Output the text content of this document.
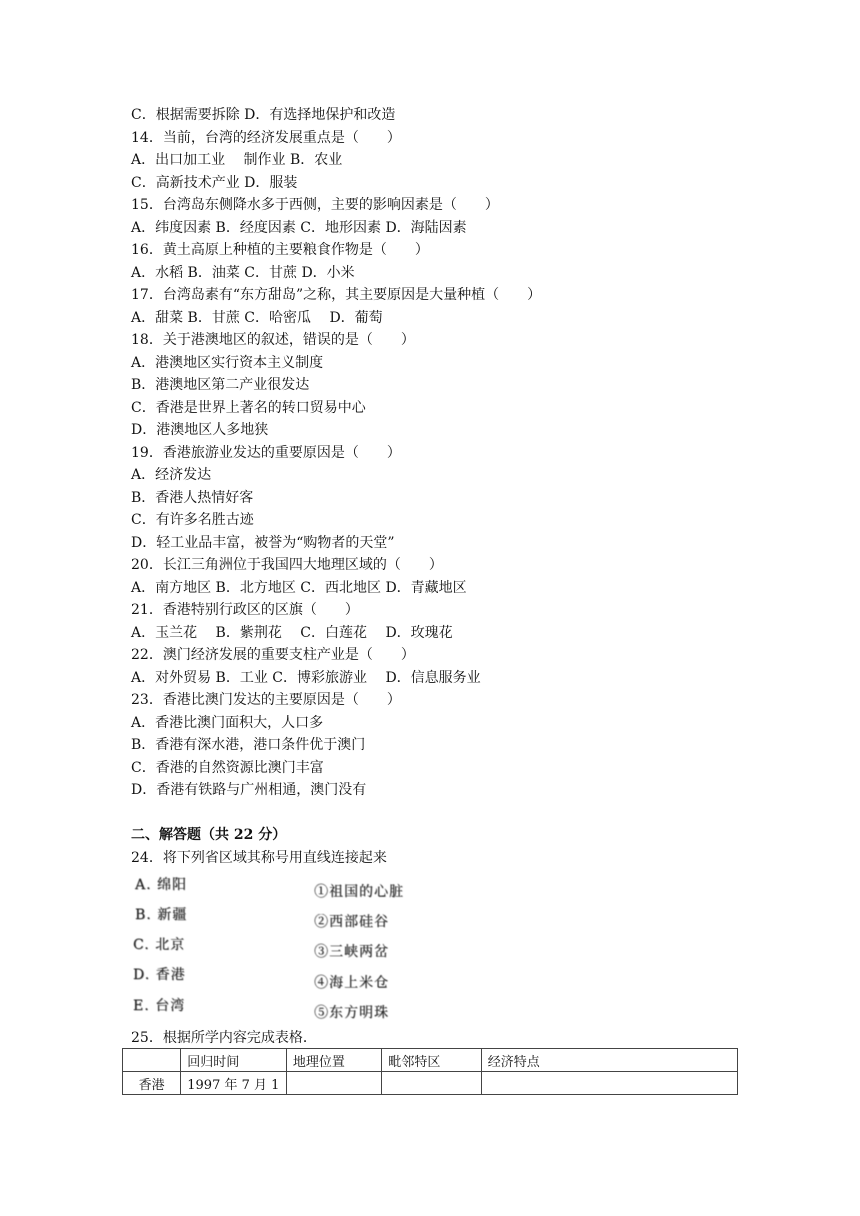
C．根据需要拆除 D．有选择地保护和改造
14．当前，台湾的经济发展重点是（　　）
A．出口加工业　 制作业 B．农业
C．高新技术产业 D．服装
15．台湾岛东侧降水多于西侧，主要的影响因素是（　　）
A．纬度因素 B．经度因素 C．地形因素 D．海陆因素
16．黄土高原上种植的主要粮食作物是（　　）
A．水稻 B．油菜 C．甘蔗 D．小米
17．台湾岛素有“东方甜岛”之称，其主要原因是大量种植（　　）
A．甜菜 B．甘蔗 C．哈密瓜　 D．葡萄
18．关于港澳地区的叙述，错误的是（　　）
A．港澳地区实行资本主义制度
B．港澳地区第二产业很发达
C．香港是世界上著名的转口贸易中心
D．港澳地区人多地狭
19．香港旅游业发达的重要原因是（　　）
A．经济发达
B．香港人热情好客
C．有许多名胜古迹
D．轻工业品丰富，被誉为“购物者的天堂”
20．长江三角洲位于我国四大地理区域的（　　）
A．南方地区 B．北方地区 C．西北地区 D．青藏地区
21．香港特别行政区的区旗（　　）
A．玉兰花　 B．紫荆花　 C．白莲花　 D．玫瑰花
22．澳门经济发展的重要支柱产业是（　　）
A．对外贸易 B．工业 C．博彩旅游业　 D．信息服务业
23．香港比澳门发达的主要原因是（　　）
A．香港比澳门面积大，人口多
B．香港有深水港，港口条件优于澳门
C．香港的自然资源比澳门丰富
D．香港有铁路与广州相通，澳门没有
二、解答题（共 22 分）
24．将下列省区域其称号用直线连接起来
A. 绵阳
B. 新疆
C. 北京
D. 香港
E. 台湾
①祖国的心脏
②西部硅谷
③三峡两岔
④海上米仓
⑤东方明珠
25．根据所学内容完成表格．
	回归时间	地理位置	毗邻特区	经济特点
香港	1997 年 7 月 1			
